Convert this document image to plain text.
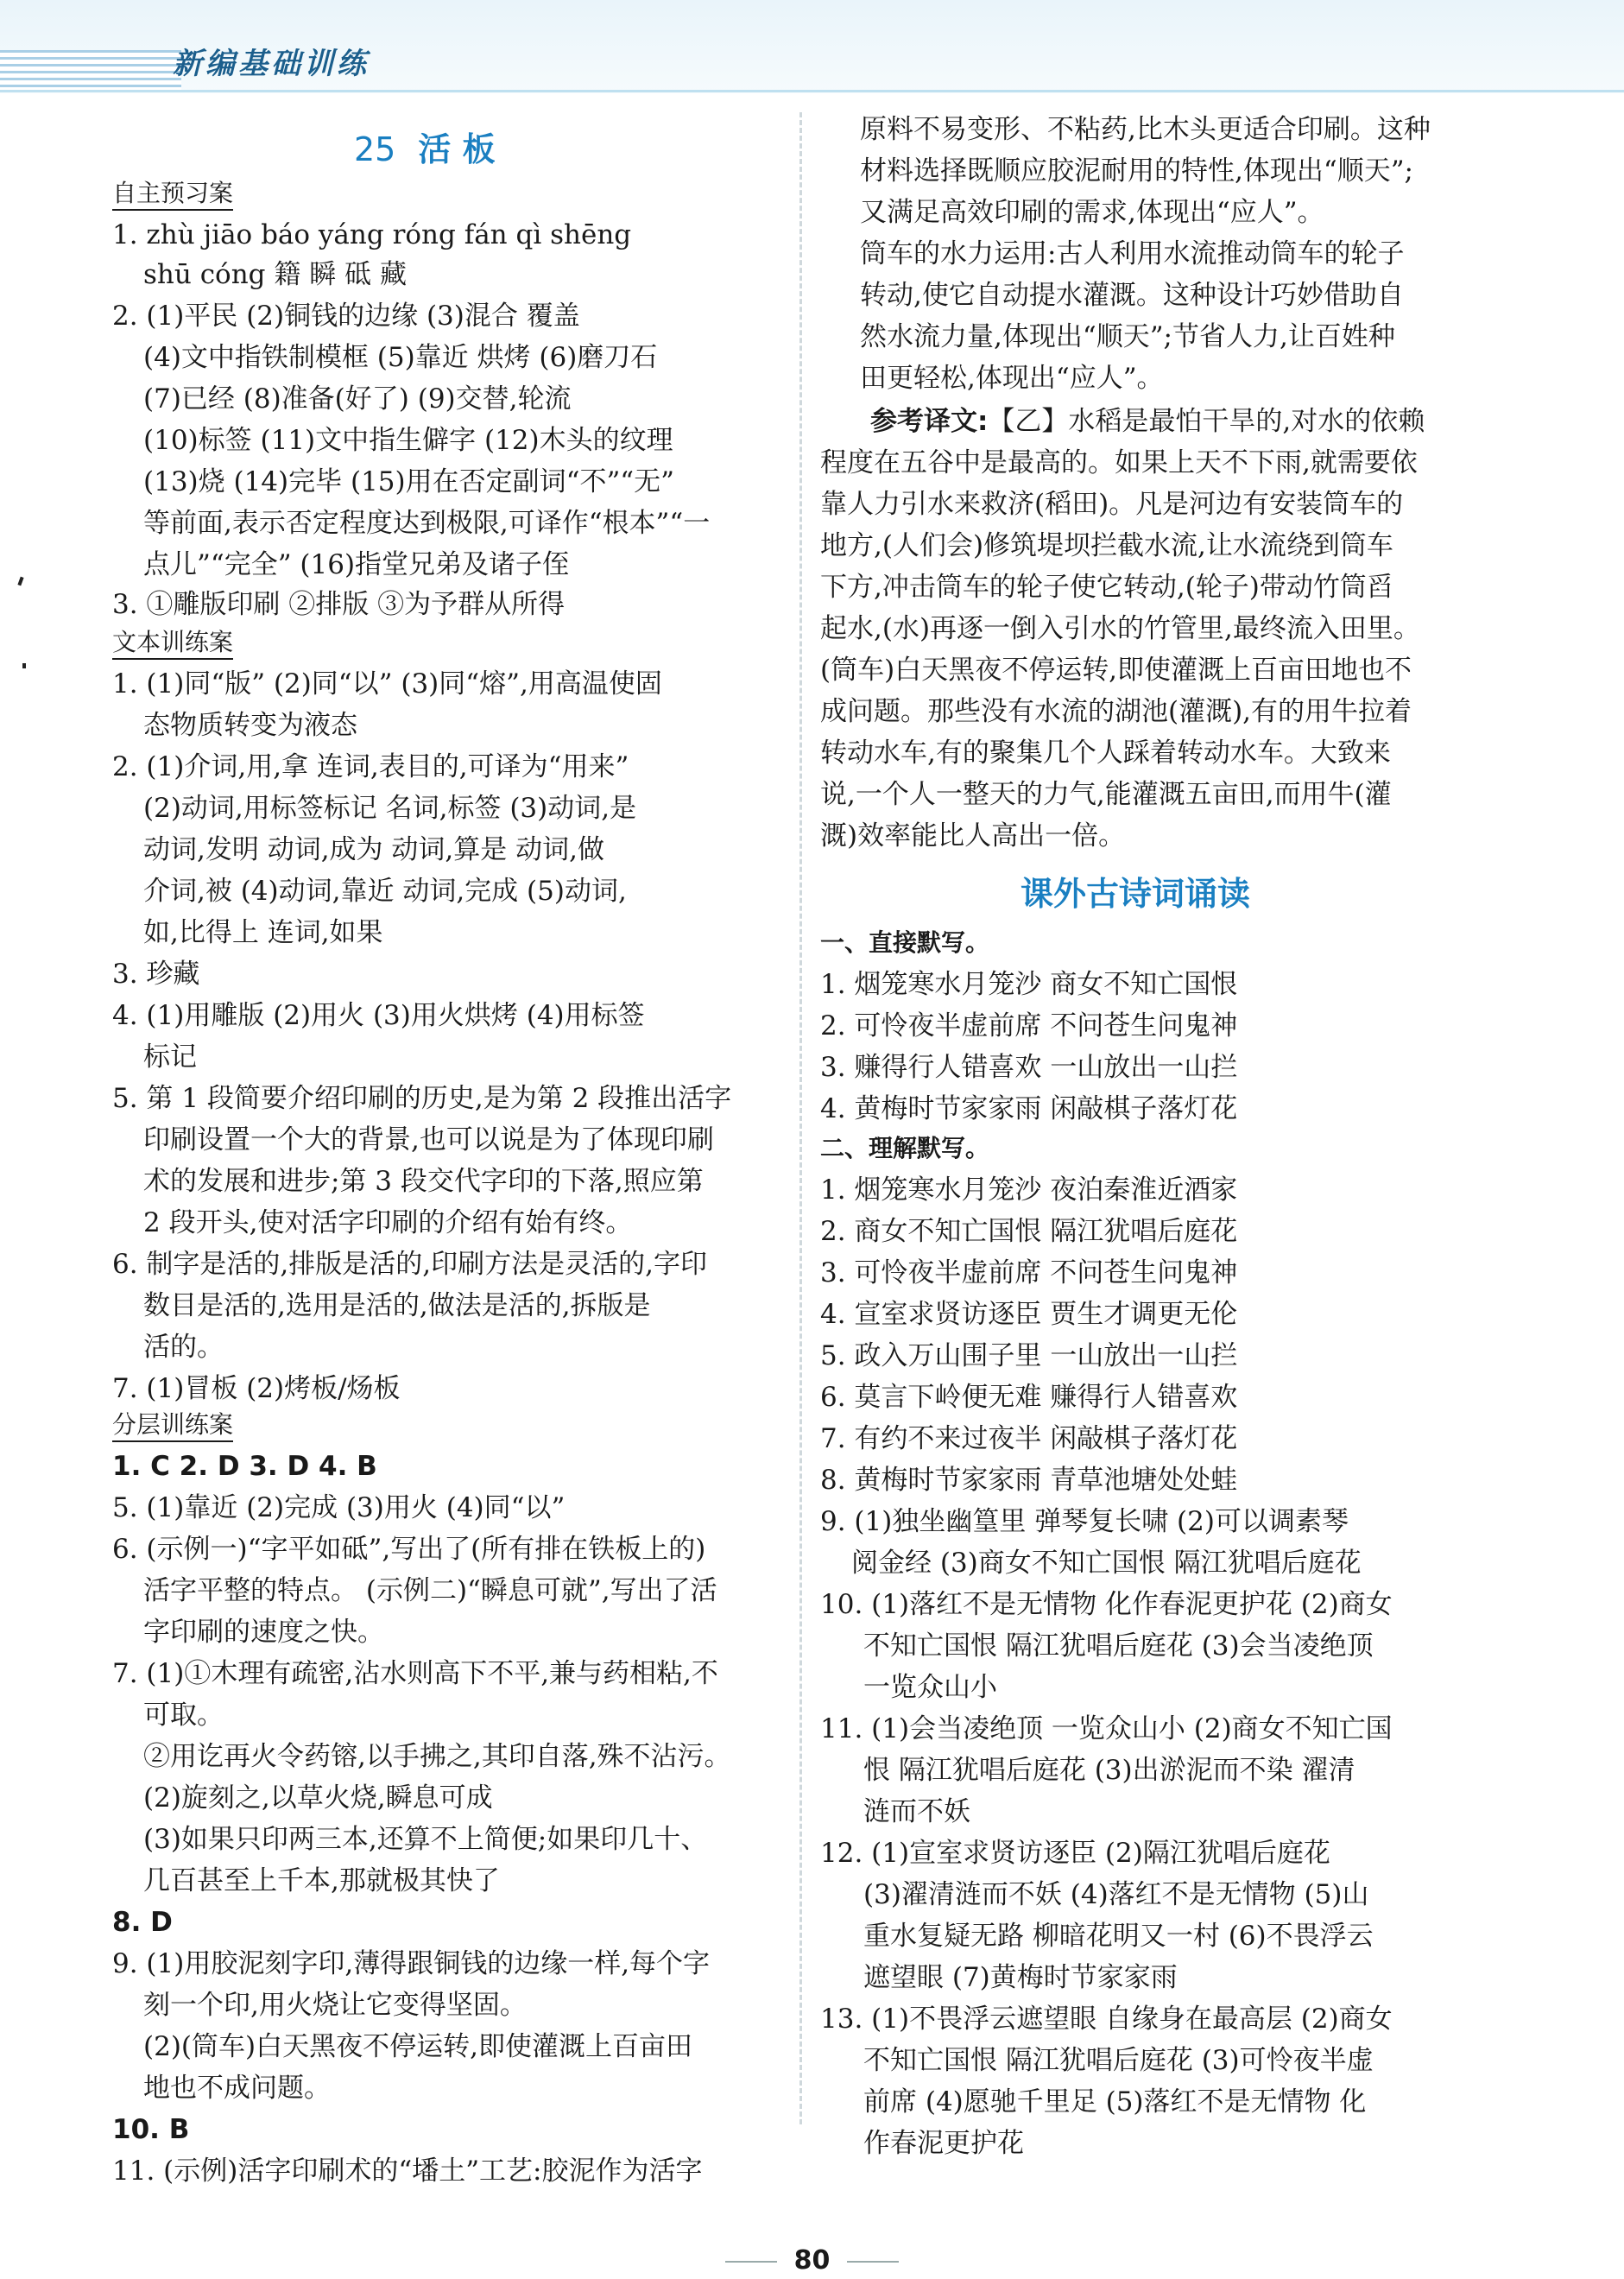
新编基础训练
25 活 板
自主预习案
1. zhù jiāo báo yáng róng fán qì shēng
shū cóng 籍 瞬 砥 藏
2. (1)平民 (2)铜钱的边缘 (3)混合 覆盖
(4)文中指铁制模框 (5)靠近 烘烤 (6)磨刀石
(7)已经 (8)准备(好了) (9)交替,轮流
(10)标签 (11)文中指生僻字 (12)木头的纹理
(13)烧 (14)完毕 (15)用在否定副词“不”“无”
等前面,表示否定程度达到极限,可译作“根本”“一
点儿”“完全” (16)指堂兄弟及诸子侄
3. ①雕版印刷 ②排版 ③为予群从所得
文本训练案
1. (1)同“版” (2)同“以” (3)同“熔”,用高温使固
态物质转变为液态
2. (1)介词,用,拿 连词,表目的,可译为“用来”
(2)动词,用标签标记 名词,标签 (3)动词,是
动词,发明 动词,成为 动词,算是 动词,做
介词,被 (4)动词,靠近 动词,完成 (5)动词,
如,比得上 连词,如果
3. 珍藏
4. (1)用雕版 (2)用火 (3)用火烘烤 (4)用标签
标记
5. 第 1 段简要介绍印刷的历史,是为第 2 段推出活字
印刷设置一个大的背景,也可以说是为了体现印刷
术的发展和进步;第 3 段交代字印的下落,照应第
2 段开头,使对活字印刷的介绍有始有终。
6. 制字是活的,排版是活的,印刷方法是灵活的,字印
数目是活的,选用是活的,做法是活的,拆版是
活的。
7. (1)冒板 (2)烤板/炀板
分层训练案
1. C 2. D 3. D 4. B
5. (1)靠近 (2)完成 (3)用火 (4)同“以”
6. (示例一)“字平如砥”,写出了(所有排在铁板上的)
活字平整的特点。 (示例二)“瞬息可就”,写出了活
字印刷的速度之快。
7. (1)①木理有疏密,沾水则高下不平,兼与药相粘,不
可取。
②用讫再火令药镕,以手拂之,其印自落,殊不沾污。
(2)旋刻之,以草火烧,瞬息可成
(3)如果只印两三本,还算不上简便;如果印几十、
几百甚至上千本,那就极其快了
8. D
9. (1)用胶泥刻字印,薄得跟铜钱的边缘一样,每个字
刻一个印,用火烧让它变得坚固。
(2)(筒车)白天黑夜不停运转,即使灌溉上百亩田
地也不成问题。
10. B
11. (示例)活字印刷术的“墦土”工艺:胶泥作为活字
原料不易变形、不粘药,比木头更适合印刷。这种
材料选择既顺应胶泥耐用的特性,体现出“顺天”;
又满足高效印刷的需求,体现出“应人”。
筒车的水力运用:古人利用水流推动筒车的轮子
转动,使它自动提水灌溉。这种设计巧妙借助自
然水流力量,体现出“顺天”;节省人力,让百姓种
田更轻松,体现出“应人”。
参考译文:【乙】水稻是最怕干旱的,对水的依赖
程度在五谷中是最高的。如果上天不下雨,就需要依
靠人力引水来救济(稻田)。凡是河边有安装筒车的
地方,(人们会)修筑堤坝拦截水流,让水流绕到筒车
下方,冲击筒车的轮子使它转动,(轮子)带动竹筒舀
起水,(水)再逐一倒入引水的竹管里,最终流入田里。
(筒车)白天黑夜不停运转,即使灌溉上百亩田地也不
成问题。那些没有水流的湖池(灌溉),有的用牛拉着
转动水车,有的聚集几个人踩着转动水车。大致来
说,一个人一整天的力气,能灌溉五亩田,而用牛(灌
溉)效率能比人高出一倍。
课外古诗词诵读
一、直接默写。
1. 烟笼寒水月笼沙 商女不知亡国恨
2. 可怜夜半虚前席 不问苍生问鬼神
3. 赚得行人错喜欢 一山放出一山拦
4. 黄梅时节家家雨 闲敲棋子落灯花
二、理解默写。
1. 烟笼寒水月笼沙 夜泊秦淮近酒家
2. 商女不知亡国恨 隔江犹唱后庭花
3. 可怜夜半虚前席 不问苍生问鬼神
4. 宣室求贤访逐臣 贾生才调更无伦
5. 政入万山围子里 一山放出一山拦
6. 莫言下岭便无难 赚得行人错喜欢
7. 有约不来过夜半 闲敲棋子落灯花
8. 黄梅时节家家雨 青草池塘处处蛙
9. (1)独坐幽篁里 弹琴复长啸 (2)可以调素琴
阅金经 (3)商女不知亡国恨 隔江犹唱后庭花
10. (1)落红不是无情物 化作春泥更护花 (2)商女
不知亡国恨 隔江犹唱后庭花 (3)会当凌绝顶
一览众山小
11. (1)会当凌绝顶 一览众山小 (2)商女不知亡国
恨 隔江犹唱后庭花 (3)出淤泥而不染 濯清
涟而不妖
12. (1)宣室求贤访逐臣 (2)隔江犹唱后庭花
(3)濯清涟而不妖 (4)落红不是无情物 (5)山
重水复疑无路 柳暗花明又一村 (6)不畏浮云
遮望眼 (7)黄梅时节家家雨
13. (1)不畏浮云遮望眼 自缘身在最高层 (2)商女
不知亡国恨 隔江犹唱后庭花 (3)可怜夜半虚
前席 (4)愿驰千里足 (5)落红不是无情物 化
作春泥更护花
80
